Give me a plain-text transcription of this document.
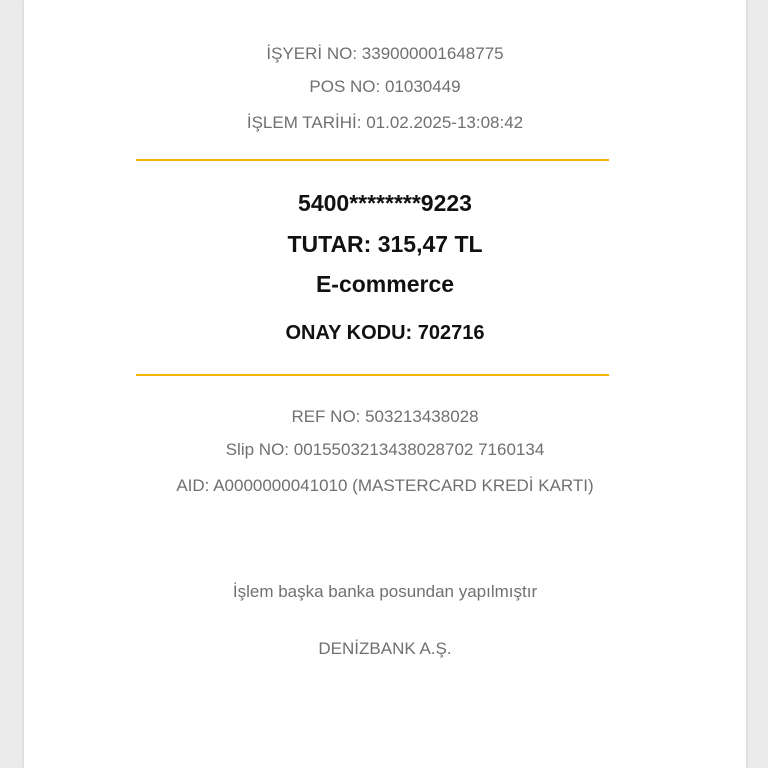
İŞYERİ NO: 339000001648775
POS NO: 01030449
İŞLEM TARİHİ: 01.02.2025-13:08:42
5400********9223
TUTAR: 315,47 TL
E-commerce
ONAY KODU: 702716
REF NO: 503213438028
Slip NO: 0015503213438028702 7160134
AID: A0000000041010 (MASTERCARD KREDİ KARTI)
İşlem başka banka posundan yapılmıştır
DENİZBANK A.Ş.
